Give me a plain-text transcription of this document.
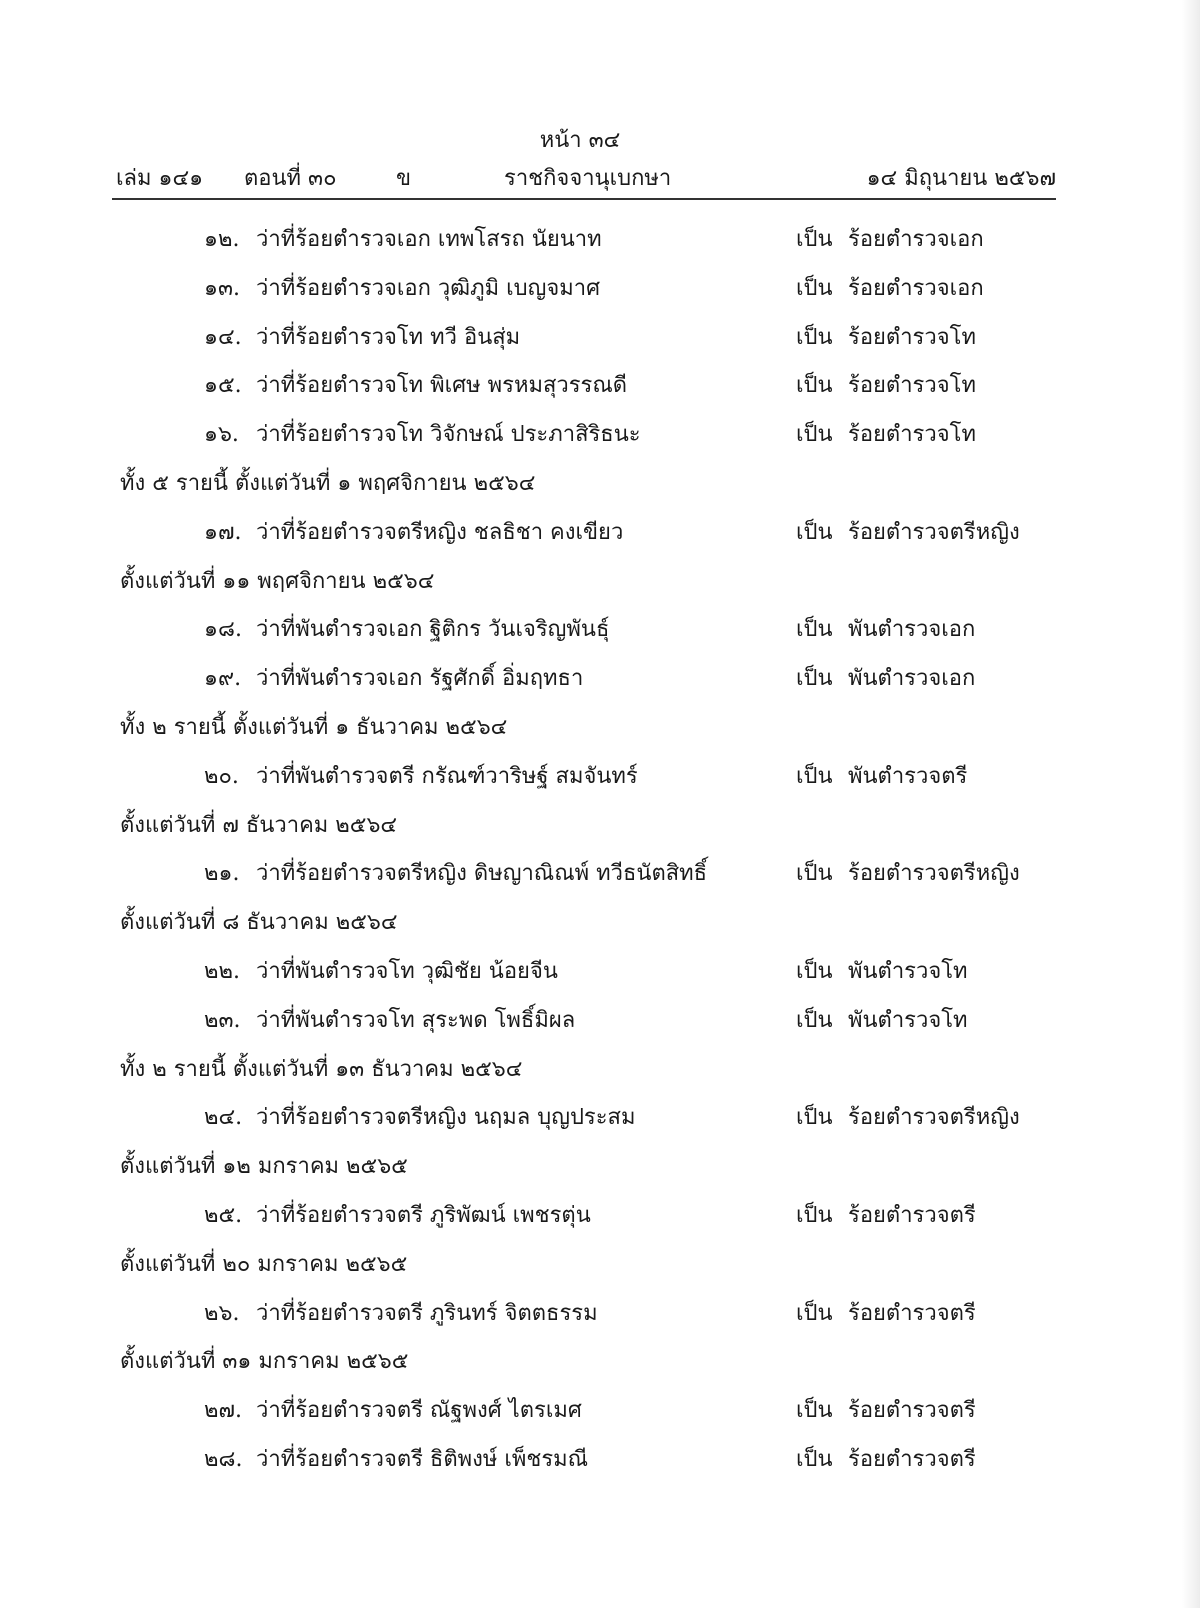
หน้า ๓๔
เล่ม ๑๔๑ ตอนที่ ๓๐	ข	ราชกิจจานุเบกษา	๑๔ มิถุนายน ๒๕๖๗
๑๒. ว่าที่ร้อยตำรวจเอก เทพโสรถ นัยนาท	เป็น ร้อยตำรวจเอก
๑๓. ว่าที่ร้อยตำรวจเอก วุฒิภูมิ เบญจมาศ	เป็น ร้อยตำรวจเอก
๑๔. ว่าที่ร้อยตำรวจโท ทวี อินสุ่ม	เป็น ร้อยตำรวจโท
๑๕. ว่าที่ร้อยตำรวจโท พิเศษ พรหมสุวรรณดี	เป็น ร้อยตำรวจโท
๑๖. ว่าที่ร้อยตำรวจโท วิจักษณ์ ประภาสิริธนะ	เป็น ร้อยตำรวจโท
ทั้ง ๕ รายนี้ ตั้งแต่วันที่ ๑ พฤศจิกายน ๒๕๖๔
๑๗. ว่าที่ร้อยตำรวจตรีหญิง ชลธิชา คงเขียว	เป็น ร้อยตำรวจตรีหญิง
ตั้งแต่วันที่ ๑๑ พฤศจิกายน ๒๕๖๔
๑๘. ว่าที่พันตำรวจเอก ฐิติกร วันเจริญพันธุ์	เป็น พันตำรวจเอก
๑๙. ว่าที่พันตำรวจเอก รัฐศักดิ์ อิ่มฤทธา	เป็น พันตำรวจเอก
ทั้ง ๒ รายนี้ ตั้งแต่วันที่ ๑ ธันวาคม ๒๕๖๔
๒๐. ว่าที่พันตำรวจตรี กรัณฑ์วาริษฐ์ สมจันทร์	เป็น พันตำรวจตรี
ตั้งแต่วันที่ ๗ ธันวาคม ๒๕๖๔
๒๑. ว่าที่ร้อยตำรวจตรีหญิง ดิษญาณิณพ์ ทวีธนัตสิทธิ์	เป็น ร้อยตำรวจตรีหญิง
ตั้งแต่วันที่ ๘ ธันวาคม ๒๕๖๔
๒๒. ว่าที่พันตำรวจโท วุฒิชัย น้อยจีน	เป็น พันตำรวจโท
๒๓. ว่าที่พันตำรวจโท สุระพด โพธิ์มิผล	เป็น พันตำรวจโท
ทั้ง ๒ รายนี้ ตั้งแต่วันที่ ๑๓ ธันวาคม ๒๕๖๔
๒๔. ว่าที่ร้อยตำรวจตรีหญิง นฤมล บุญประสม	เป็น ร้อยตำรวจตรีหญิง
ตั้งแต่วันที่ ๑๒ มกราคม ๒๕๖๕
๒๕. ว่าที่ร้อยตำรวจตรี ภูริพัฒน์ เพชรตุ่น	เป็น ร้อยตำรวจตรี
ตั้งแต่วันที่ ๒๐ มกราคม ๒๕๖๕
๒๖. ว่าที่ร้อยตำรวจตรี ภูรินทร์ จิตตธรรม	เป็น ร้อยตำรวจตรี
ตั้งแต่วันที่ ๓๑ มกราคม ๒๕๖๕
๒๗. ว่าที่ร้อยตำรวจตรี ณัฐพงศ์ ไตรเมศ	เป็น ร้อยตำรวจตรี
๒๘. ว่าที่ร้อยตำรวจตรี ธิติพงษ์ เพ็ชรมณี	เป็น ร้อยตำรวจตรี
